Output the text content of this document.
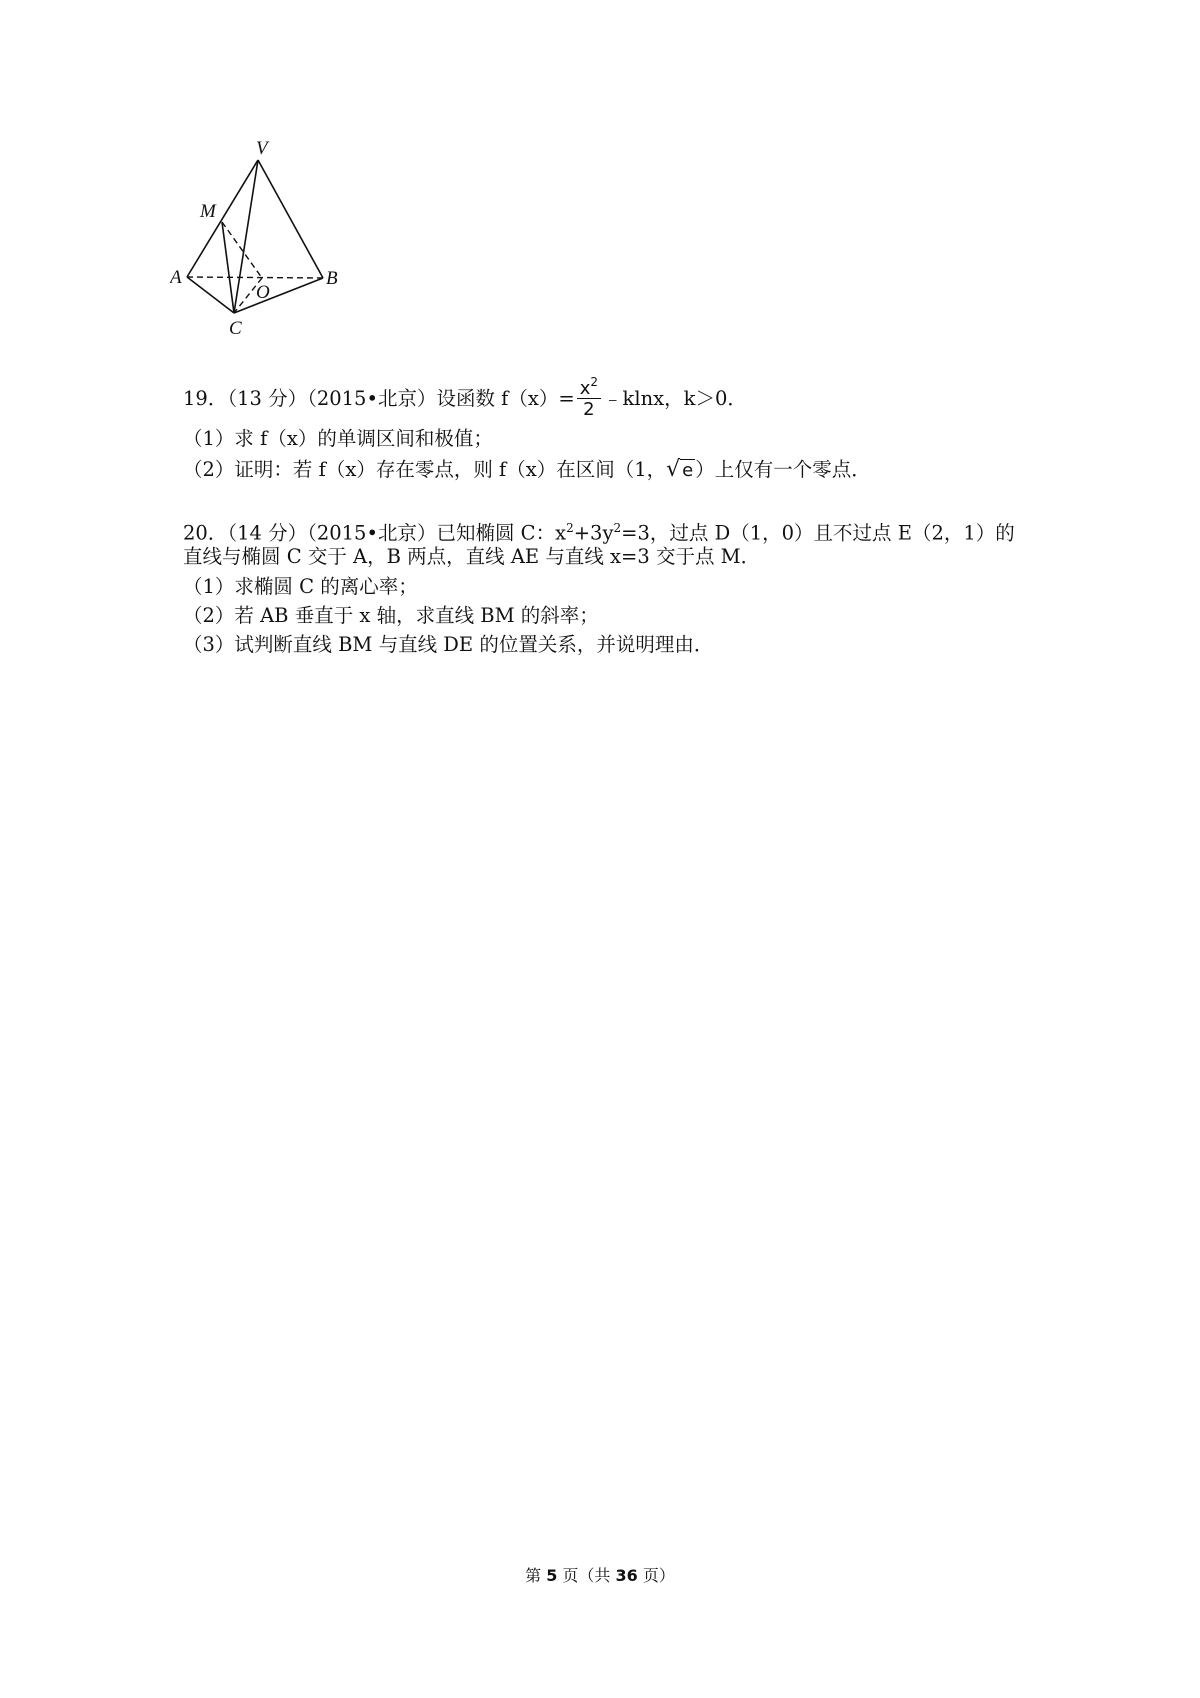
V
M
A	B
O
C
19．（13 分）（2015•北京）设函数 $f(x)= \frac{x^2}{2}$ ﹣klnx，k＞0．
（1）求 f（x）的单调区间和极值；
（2）证明：若 f（x）存在零点，则 f（x）在区间（1，√ e ）上仅有一个零点．
20．（14 分）（2015•北京）已知椭圆 C：$x^2+3y^2=3$，过点 D（1，0）且不过点 E（2，1）的
直线与椭圆 C 交于 A，B 两点，直线 AE 与直线 x=3 交于点 M．
（1）求椭圆 C 的离心率；
（2）若 AB 垂直于 x 轴，求直线 BM 的斜率；
（3）试判断直线 BM 与直线 DE 的位置关系，并说明理由．
第 5 页（共 36 页）
